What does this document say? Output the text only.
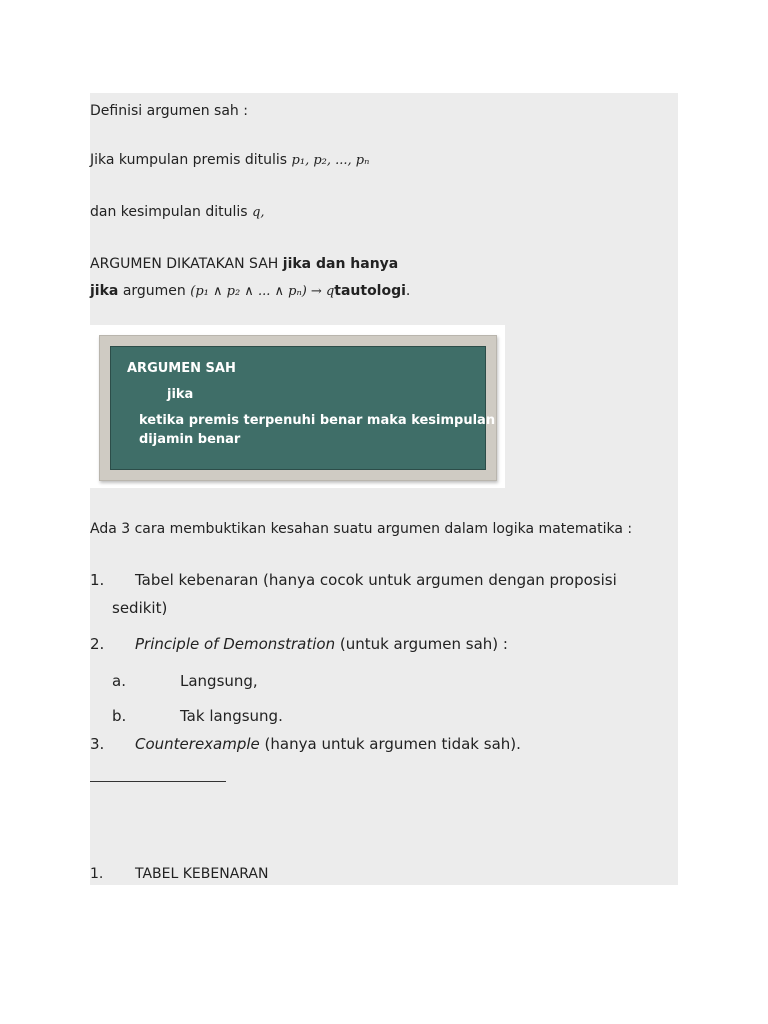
Definisi argumen sah :
Jika kumpulan premis ditulis p₁, p₂, ..., pₙ
dan kesimpulan ditulis q,
ARGUMEN DIKATAKAN SAH jika dan hanya
jika argumen (p₁ ∧ p₂ ∧ ... ∧ pₙ) → qtautologi.
ARGUMEN SAH
jika
ketika premis terpenuhi benar maka kesimpulan
dijamin benar
Ada 3 cara membuktikan kesahan suatu argumen dalam logika matematika :
1.	Tabel kebenaran (hanya cocok untuk argumen dengan proposisi
sedikit)
2.	Principle of Demonstration (untuk argumen sah) :
a.	Langsung,
b.	Tak langsung.
3.	Counterexample (hanya untuk argumen tidak sah).
1.	TABEL KEBENARAN
